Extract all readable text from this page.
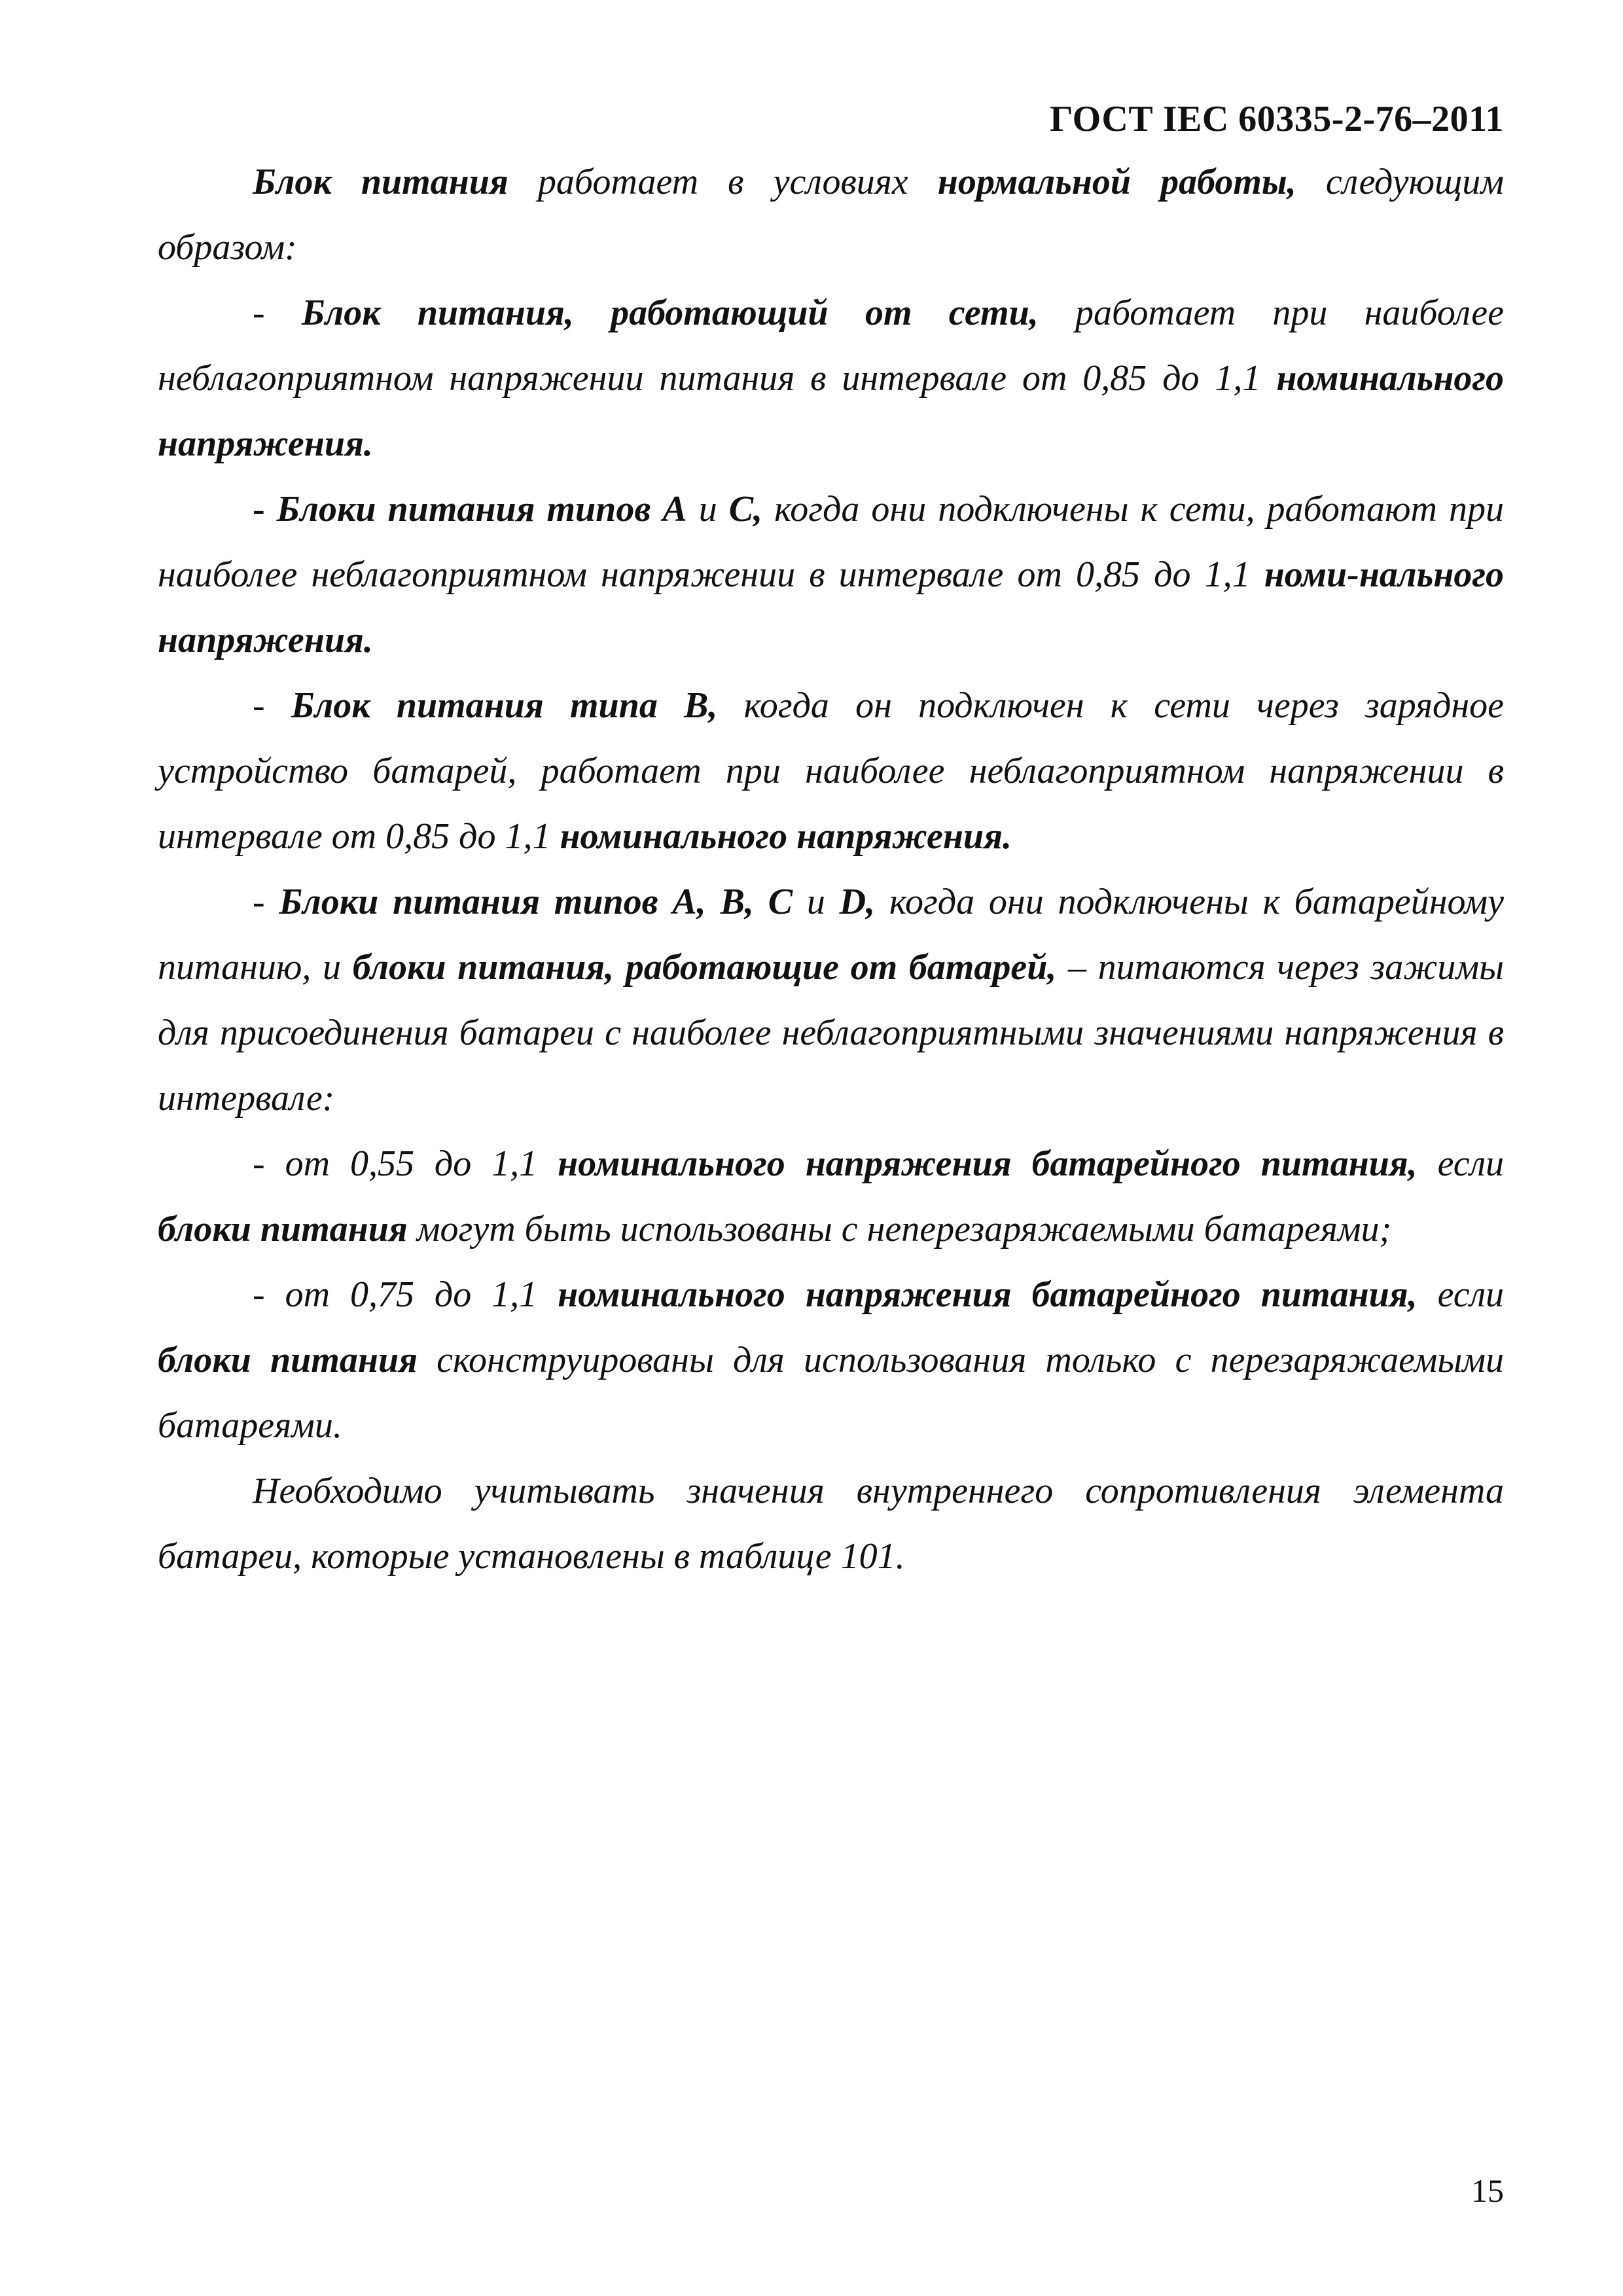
ГОСТ IEC 60335-2-76–2011

Блок питания работает в условиях нормальной работы, следующим образом:

- Блок питания, работающий от сети, работает при наиболее неблагоприятном напряжении питания в интервале от 0,85 до 1,1 номинального напряжения.

- Блоки питания типов A и C, когда они подключены к сети, работают при наиболее неблагоприятном напряжении в интервале от 0,85 до 1,1 номи-нального напряжения.

- Блок питания типа B, когда он подключен к сети через зарядное устройство батарей, работает при наиболее неблагоприятном напряжении в интервале от 0,85 до 1,1 номинального напряжения.

- Блоки питания типов A, B, C и D, когда они подключены к батарейному питанию, и блоки питания, работающие от батарей, – питаются через зажимы для присоединения батареи с наиболее неблагоприятными значениями напряжения в интервале:

- от 0,55 до 1,1 номинального напряжения батарейного питания, если блоки питания могут быть использованы с неперезаряжаемыми батареями;

- от 0,75 до 1,1 номинального напряжения батарейного питания, если блоки питания сконструированы для использования только с перезаряжаемыми батареями.

Необходимо учитывать значения внутреннего сопротивления элемента батареи, которые установлены в таблице 101.

15
